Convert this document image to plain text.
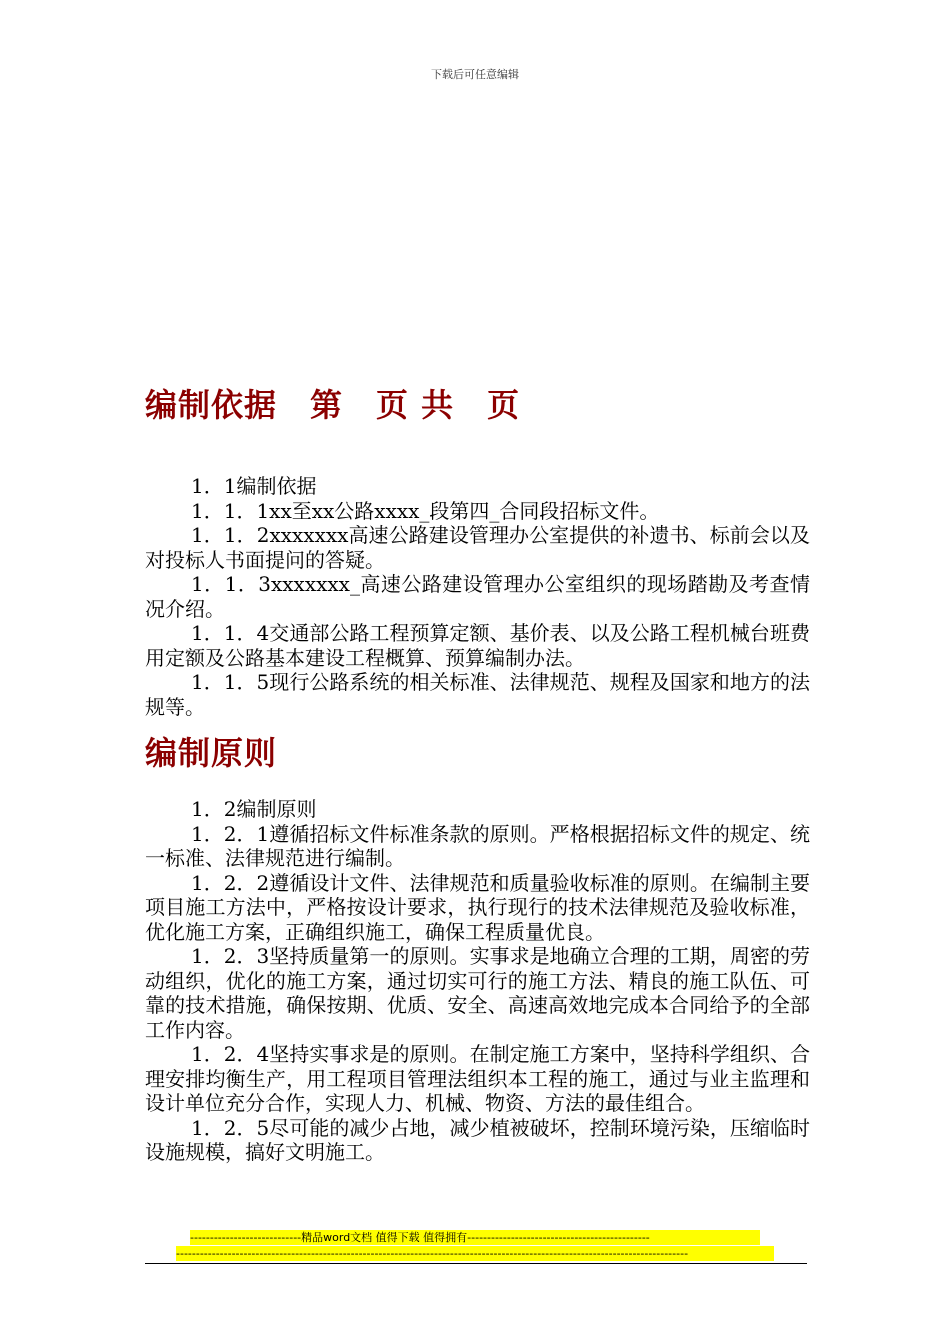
下载后可任意编辑
编制依据　第　页 共　页

1．1编制依据

1．1．1xx至xx公路xxxx_段第四_合同段招标文件。

1．1．2xxxxxxx高速公路建设管理办公室提供的补遗书、标前会以及对投标人书面提问的答疑。

1．1．3xxxxxxx_高速公路建设管理办公室组织的现场踏勘及考查情况介绍。

1．1．4交通部公路工程预算定额、基价表、以及公路工程机械台班费用定额及公路基本建设工程概算、预算编制办法。

1．1．5现行公路系统的相关标准、法律规范、规程及国家和地方的法规等。

编制原则

1．2编制原则

1．2．1遵循招标文件标准条款的原则。严格根据招标文件的规定、统一标准、法律规范进行编制。

1．2．2遵循设计文件、法律规范和质量验收标准的原则。在编制主要项目施工方法中，严格按设计要求，执行现行的技术法律规范及验收标准，优化施工方案，正确组织施工，确保工程质量优良。

1．2．3坚持质量第一的原则。实事求是地确立合理的工期，周密的劳动组织，优化的施工方案，通过切实可行的施工方法、精良的施工队伍、可靠的技术措施，确保按期、优质、安全、高速高效地完成本合同给予的全部工作内容。

1．2．4坚持实事求是的原则。在制定施工方案中，坚持科学组织、合理安排均衡生产，用工程项目管理法组织本工程的施工，通过与业主监理和设计单位充分合作，实现人力、机械、物资、方法的最佳组合。

1．2．5尽可能的减少占地，减少植被破坏，控制环境污染，压缩临时设施规模，搞好文明施工。

----------------------------精品word文档 值得下载 值得拥有----------------------------------------------
---------------------------------------------------------------------------------------------------------------------------------
